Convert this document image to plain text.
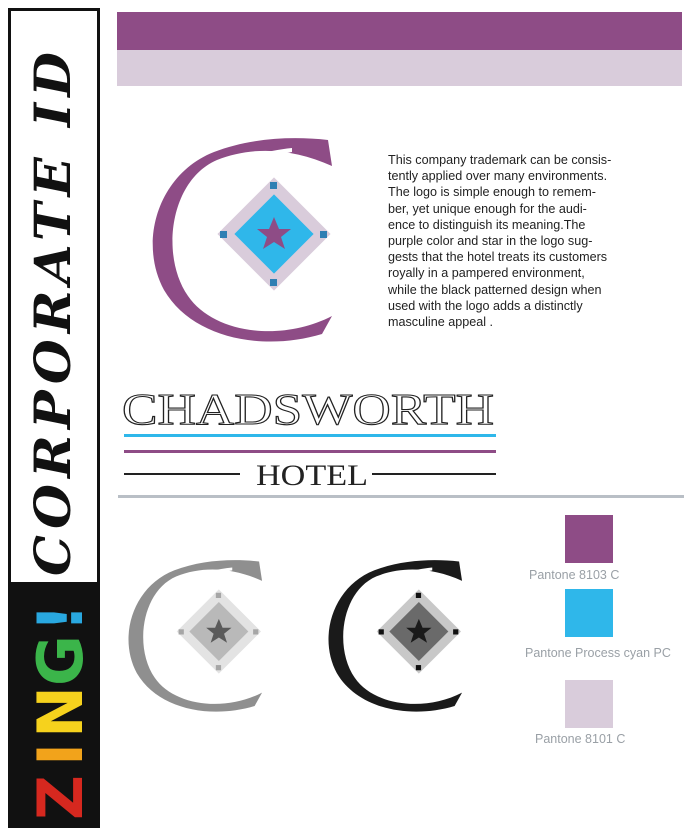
CORPORATE ID
Z
I
N
G
!
This company trademark can be consis-
tently applied over many environments.
The logo is simple enough to remem-
ber, yet unique enough for the audi-
ence to distinguish its meaning.The
purple color and star in the logo sug-
gests that the hotel treats its customers
royally in a pampered environment,
while the black patterned design when
used with the logo adds a distinctly
masculine appeal .
CHADSWORTH
HOTEL
Pantone 8103 C
Pantone Process cyan PC
Pantone 8101 C
